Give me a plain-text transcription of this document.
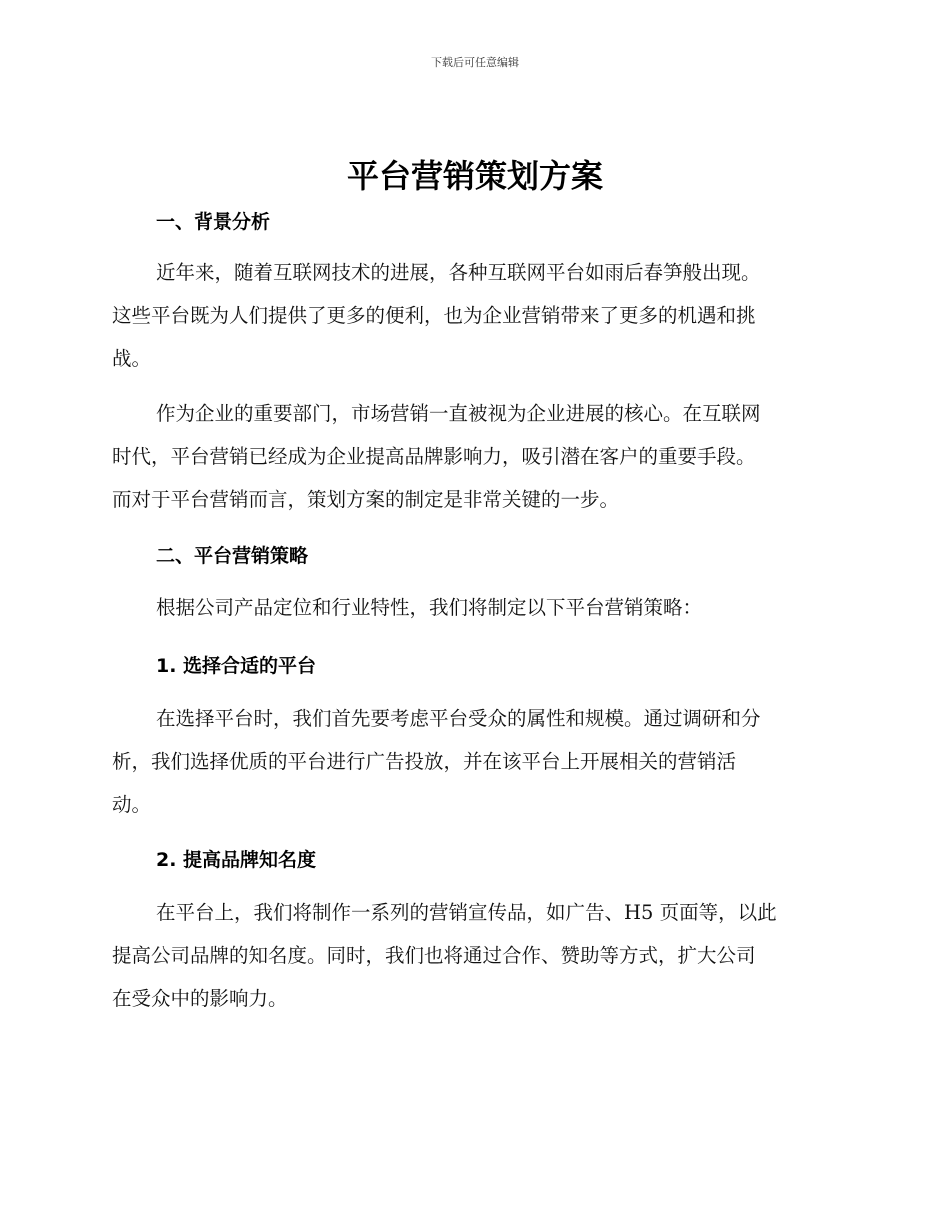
下载后可任意编辑
平台营销策划方案
一、背景分析

近年来，随着互联网技术的进展，各种互联网平台如雨后春笋般出现。
这些平台既为人们提供了更多的便利，也为企业营销带来了更多的机遇和挑
战。

作为企业的重要部门，市场营销一直被视为企业进展的核心。在互联网
时代，平台营销已经成为企业提高品牌影响力，吸引潜在客户的重要手段。
而对于平台营销而言，策划方案的制定是非常关键的一步。

二、平台营销策略

根据公司产品定位和行业特性，我们将制定以下平台营销策略：

1. 选择合适的平台

在选择平台时，我们首先要考虑平台受众的属性和规模。通过调研和分
析，我们选择优质的平台进行广告投放，并在该平台上开展相关的营销活
动。

2. 提高品牌知名度

在平台上，我们将制作一系列的营销宣传品，如广告、H5 页面等，以此
提高公司品牌的知名度。同时，我们也将通过合作、赞助等方式，扩大公司
在受众中的影响力。
